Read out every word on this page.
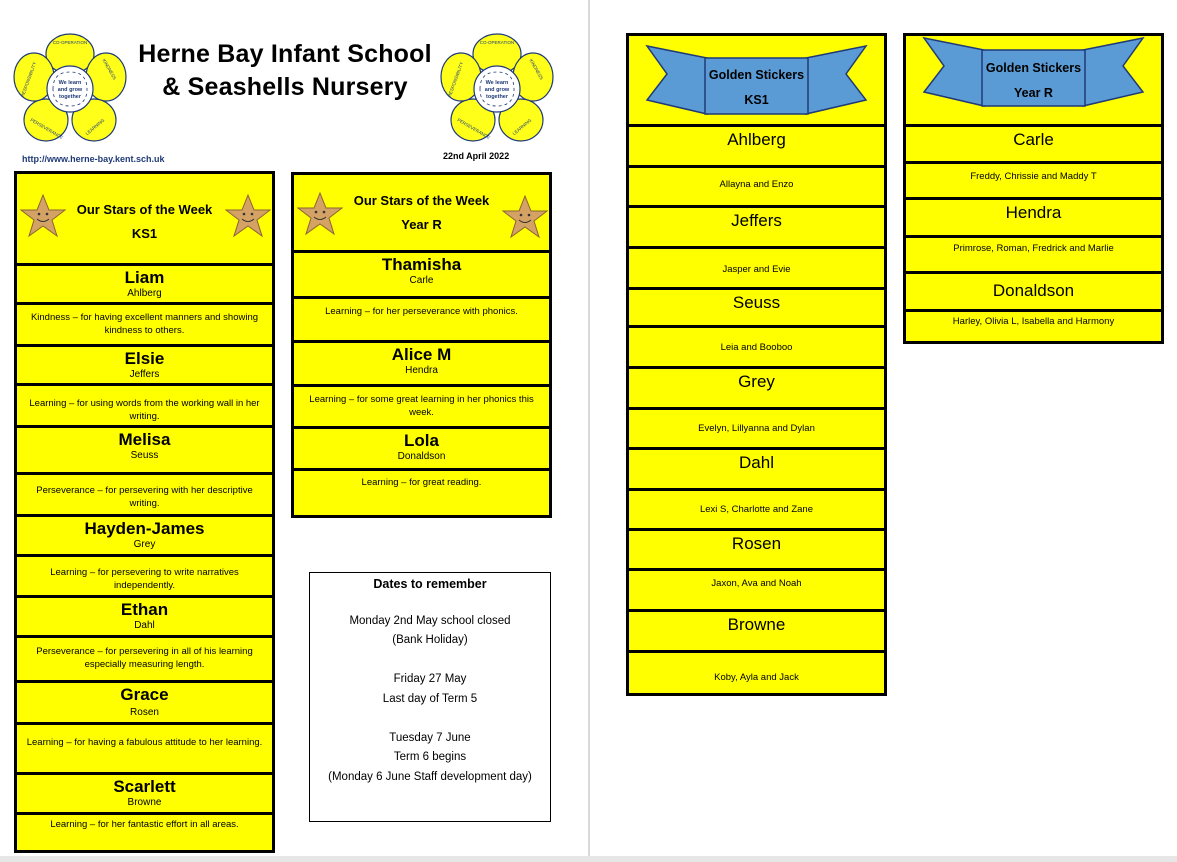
We learn
and grow
together
CO-OPERATION
KINDNESS
LEARNING
PERSEVERANCE
RESPONSIBILITY
Herne Bay Infant School
& Seashells Nursery	We learn
and grow
together
CO-OPERATION
KINDNESS
LEARNING
PERSEVERANCE
RESPONSIBILITY
http://www.herne-bay.kent.sch.uk	22nd April 2022
Our Stars of the Week
KS1
Liam
Ahlberg
Kindness – for having excellent manners and showing kindness to others.
Elsie
Jeffers
Learning – for using words from the working wall in her writing.
Melisa
Seuss
Perseverance – for persevering with her descriptive writing.
Hayden-James
Grey
Learning – for persevering to write narratives independently.
Ethan
Dahl
Perseverance – for persevering in all of his learning especially measuring length.
Grace
Rosen
Learning – for having a fabulous attitude to her learning.
Scarlett
Browne
Learning – for her fantastic effort in all areas.
Our Stars of the Week
Year R
Thamisha
Carle
Learning – for her perseverance with phonics.
Alice M
Hendra
Learning – for some great learning in her phonics this week.
Lola
Donaldson
Learning – for great reading.
Dates to remember
Monday 2nd May school closed
(Bank Holiday)
Friday 27 May
Last day of Term 5
Tuesday 7 June
Term 6 begins
(Monday 6 June Staff development day)
Golden Stickers
KS1
Ahlberg
Allayna and Enzo
Jeffers
Jasper and Evie
Seuss
Leia and Booboo
Grey
Evelyn, Lillyanna and Dylan
Dahl
Lexi S, Charlotte and Zane
Rosen
Jaxon, Ava and Noah
Browne
Koby, Ayla and Jack
Golden Stickers
Year R
Carle
Freddy, Chrissie and Maddy T
Hendra
Primrose, Roman, Fredrick and Marlie
Donaldson
Harley, Olivia L, Isabella and Harmony
